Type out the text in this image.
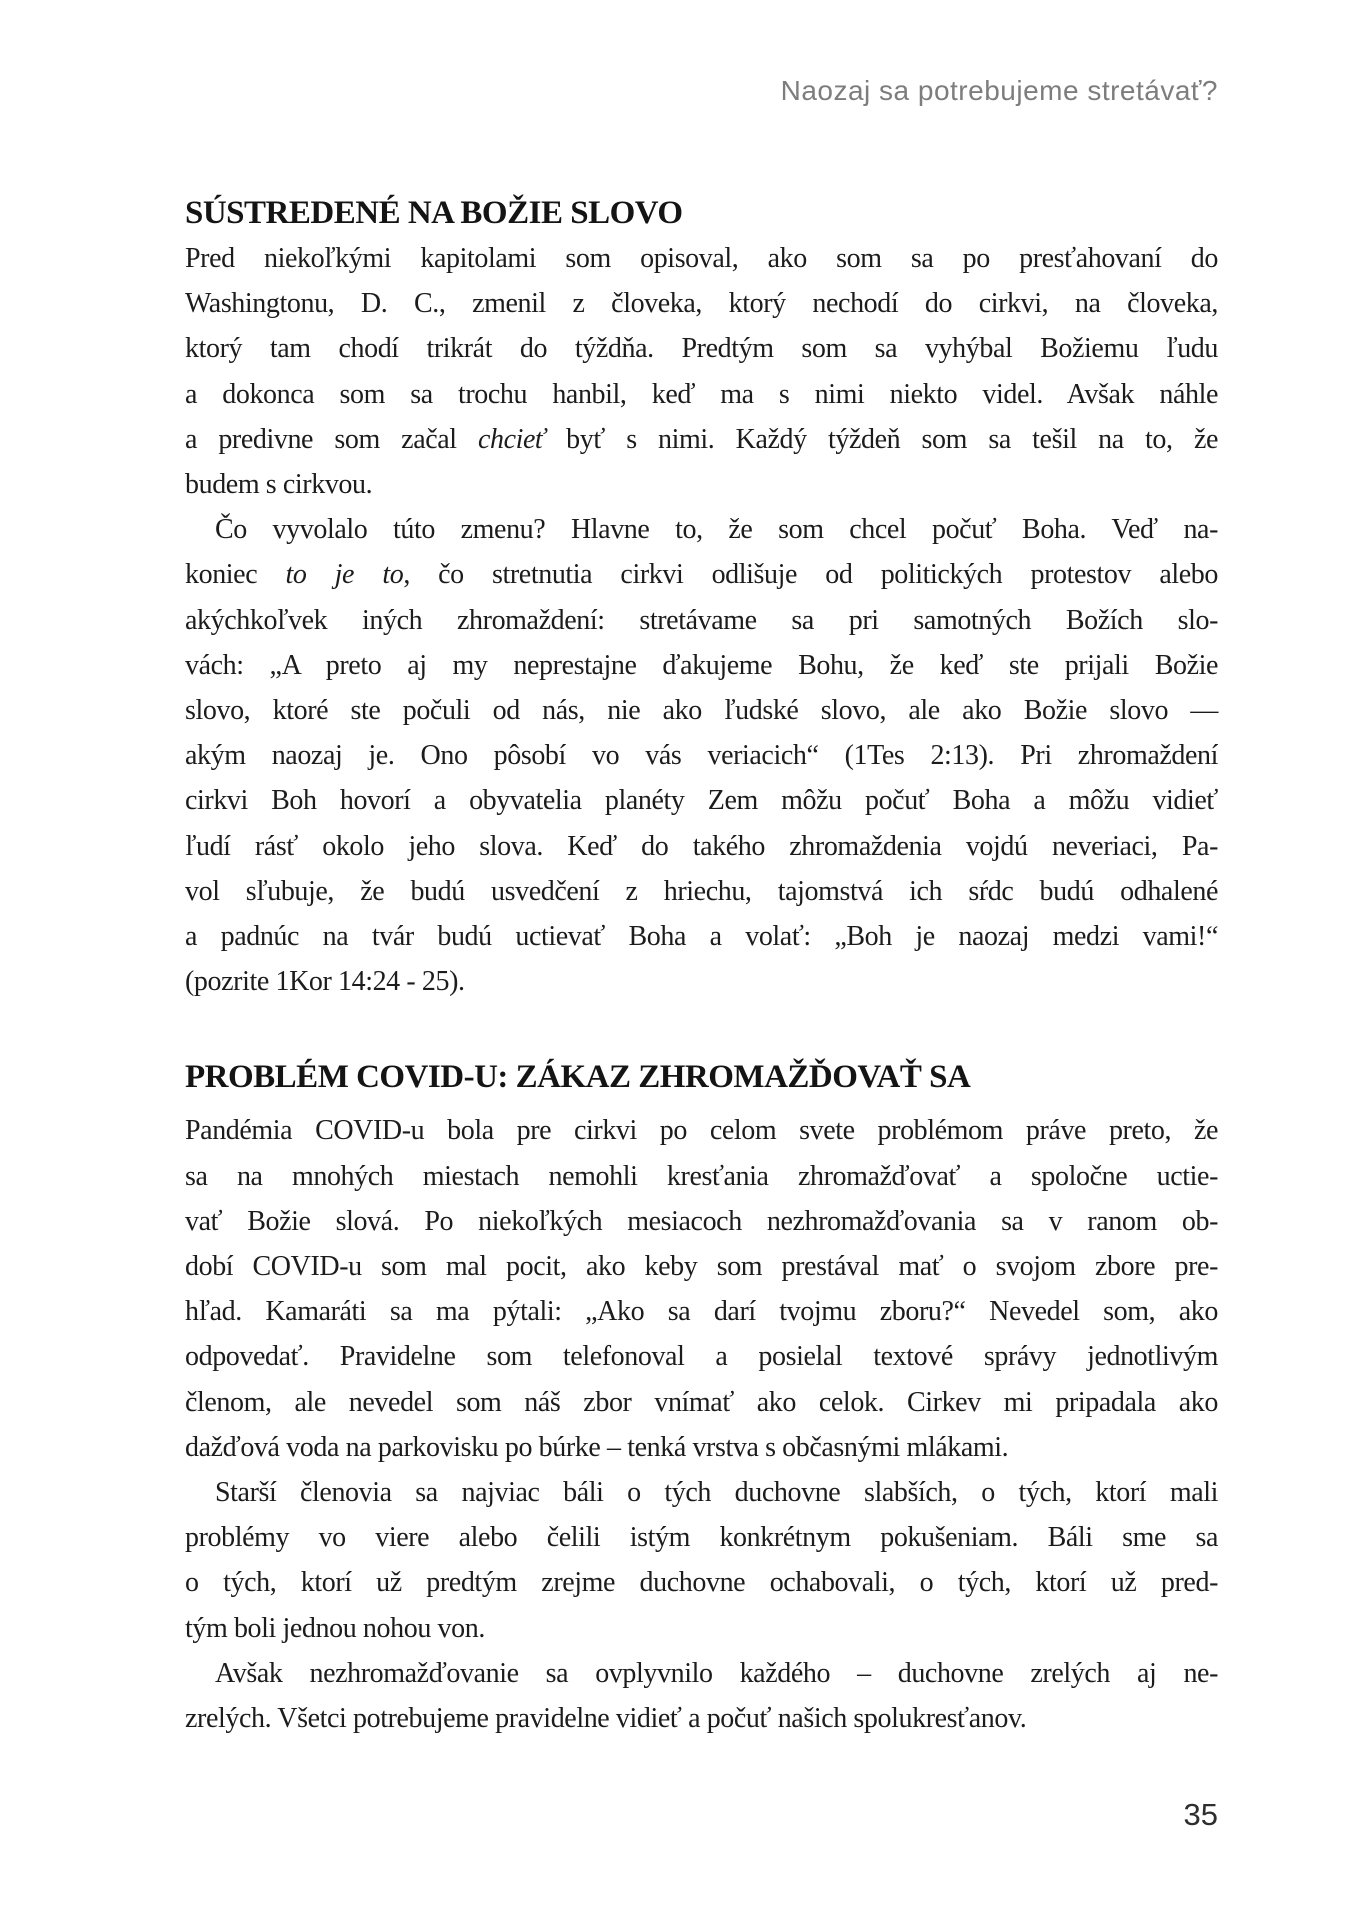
Naozaj sa potrebujeme stretávať?
SÚSTREDENÉ NA BOŽIE SLOVO
Pred niekoľkými kapitolami som opisoval, ako som sa po presťahovaní do
Washingtonu, D. C., zmenil z človeka, ktorý nechodí do cirkvi, na človeka,
ktorý tam chodí trikrát do týždňa. Predtým som sa vyhýbal Božiemu ľudu
a dokonca som sa trochu hanbil, keď ma s nimi niekto videl. Avšak náhle
a predivne som začal chcieť byť s nimi. Každý týždeň som sa tešil na to, že
budem s cirkvou.
Čo vyvolalo túto zmenu? Hlavne to, že som chcel počuť Boha. Veď na-
koniec to je to, čo stretnutia cirkvi odlišuje od politických protestov alebo
akýchkoľvek iných zhromaždení: stretávame sa pri samotných Božích slo-
vách: „A preto aj my neprestajne ďakujeme Bohu, že keď ste prijali Božie
slovo, ktoré ste počuli od nás, nie ako ľudské slovo, ale ako Božie slovo —
akým naozaj je. Ono pôsobí vo vás veriacich“ (1Tes 2:13). Pri zhromaždení
cirkvi Boh hovorí a obyvatelia planéty Zem môžu počuť Boha a môžu vidieť
ľudí rásť okolo jeho slova. Keď do takého zhromaždenia vojdú neveriaci, Pa-
vol sľubuje, že budú usvedčení z hriechu, tajomstvá ich sŕdc budú odhalené
a padnúc na tvár budú uctievať Boha a volať: „Boh je naozaj medzi vami!“
(pozrite 1Kor 14:24 - 25).
PROBLÉM COVID-U: ZÁKAZ ZHROMAŽĎOVAŤ SA
Pandémia COVID-u bola pre cirkvi po celom svete problémom práve preto, že
sa na mnohých miestach nemohli kresťania zhromažďovať a spoločne uctie-
vať Božie slová. Po niekoľkých mesiacoch nezhromažďovania sa v ranom ob-
dobí COVID-u som mal pocit, ako keby som prestával mať o svojom zbore pre-
hľad. Kamaráti sa ma pýtali: „Ako sa darí tvojmu zboru?“ Nevedel som, ako
odpovedať. Pravidelne som telefonoval a posielal textové správy jednotlivým
členom, ale nevedel som náš zbor vnímať ako celok. Cirkev mi pripadala ako
dažďová voda na parkovisku po búrke – tenká vrstva s občasnými mlákami.
Starší členovia sa najviac báli o tých duchovne slabších, o tých, ktorí mali
problémy vo viere alebo čelili istým konkrétnym pokušeniam. Báli sme sa
o tých, ktorí už predtým zrejme duchovne ochabovali, o tých, ktorí už pred-
tým boli jednou nohou von.
Avšak nezhromažďovanie sa ovplyvnilo každého – duchovne zrelých aj ne-
zrelých. Všetci potrebujeme pravidelne vidieť a počuť našich spolukresťanov.
35
